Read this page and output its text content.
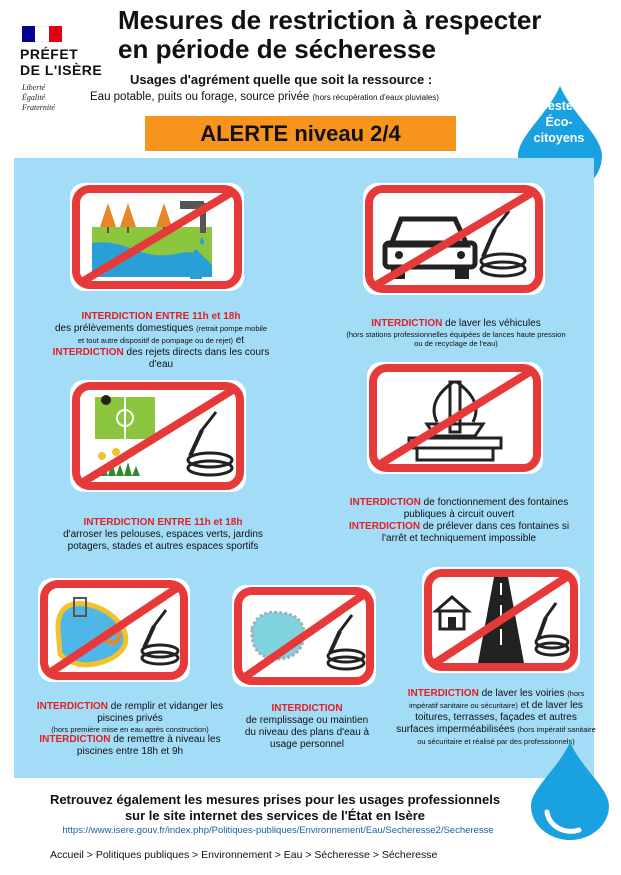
PRÉFET
DE L'ISÈRE
Liberté
Égalité
Fraternité
Mesures de restriction à respecter
en période de sécheresse
Usages d'agrément quelle que soit la ressource :
Eau potable, puits ou forage, source privée (hors récupération d'eaux pluviales)
ALERTE niveau 2/4
Gestes
Éco-
citoyens
INTERDICTION ENTRE 11h et 18h
des prélèvements domestiques (retrait pompe mobile et tout autre dispositif de pompage ou de rejet) et INTERDICTION des rejets directs dans les cours d'eau
INTERDICTION de laver les véhicules
(hors stations professionnelles équipées de lances haute pression ou de recyclage de l'eau)
INTERDICTION ENTRE 11h et 18h
d'arroser les pelouses, espaces verts, jardins potagers, stades et autres espaces sportifs
INTERDICTION de fonctionnement des fontaines publiques à circuit ouvert
INTERDICTION de prélever dans ces fontaines si l'arrêt et techniquement impossible
INTERDICTION de remplir et vidanger les piscines privés
(hors première mise en eau après construction)
INTERDICTION de remettre à niveau les piscines entre 18h et 9h
INTERDICTION
de remplissage ou maintien du niveau des plans d'eau à usage personnel
INTERDICTION de laver les voiries (hors impératif sanitaire ou sécuritaire) et de laver les toitures, terrasses, façades et autres surfaces imperméabilisées (hors impératif sanitaire ou sécuritaire et réalisé par des professionnels)
Retrouvez également les mesures prises pour les usages professionnels sur le site internet des services de l'État en Isère
https://www.isere.gouv.fr/index.php/Politiques-publiques/Environnement/Eau/Secheresse2/Secheresse
Accueil > Politiques publiques > Environnement > Eau > Sécheresse > Sécheresse
